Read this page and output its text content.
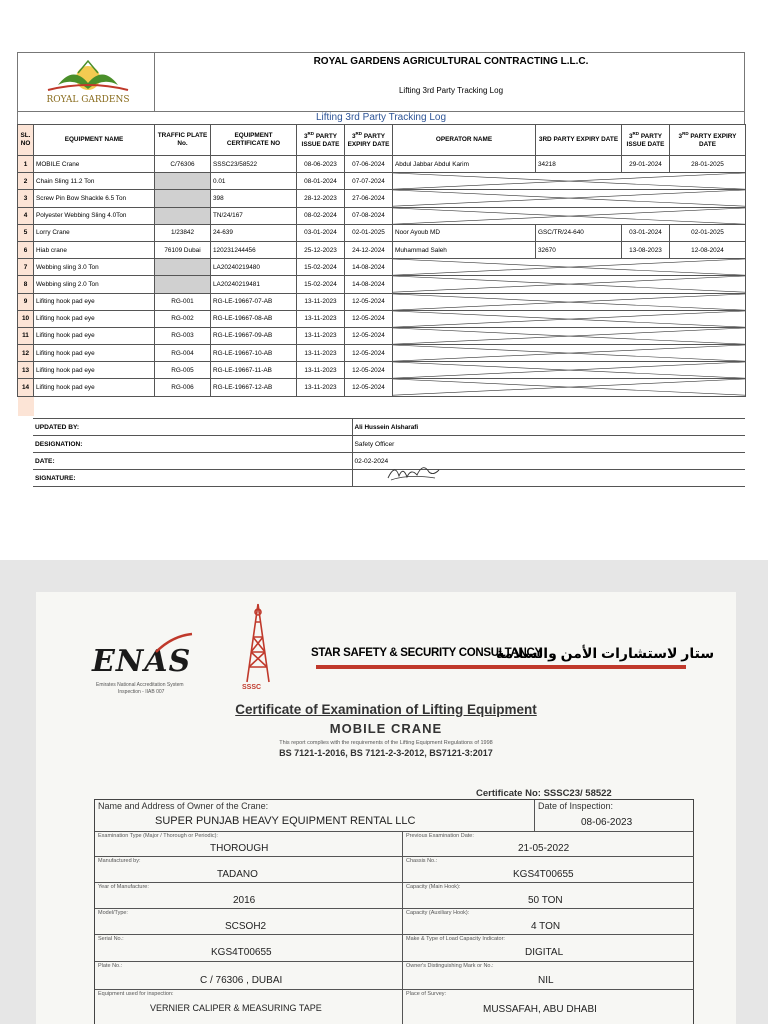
ROYAL GARDENS
ROYAL GARDENS AGRICULTURAL CONTRACTING L.L.C.
Lifting 3rd Party Tracking Log
Lifting 3rd Party Tracking Log
SL. NO	EQUIPMENT NAME	TRAFFIC PLATE No.	EQUIPMENT CERTIFICATE NO	3RD PARTY ISSUE DATE	3RD PARTY EXPIRY DATE	OPERATOR NAME	3RD PARTY EXPIRY DATE	3RD PARTY ISSUE DATE	3RD PARTY EXPIRY DATE
1	MOBILE Crane	C/76306	SSSC23/58522	08-06-2023	07-06-2024	Abdul Jabbar Abdul Karim	34218	29-01-2024	28-01-2025
2	Chain Sling 11.2 Ton		0.01	08-01-2024	07-07-2024	

3	Screw Pin Bow Shackle 6.5 Ton		398	28-12-2023	27-06-2024	

4	Polyester Webbing Sling 4.0Ton		TN/24/167	08-02-2024	07-08-2024	

5	Lorry Crane	1/23842	24-639	03-01-2024	02-01-2025	Noor Ayoub MD	GSC/TR/24-640	03-01-2024	02-01-2025
6	Hiab crane	76109 Dubai	120231244456	25-12-2023	24-12-2024	Muhammad Saleh	32670	13-08-2023	12-08-2024
7	Webbing sling 3.0 Ton		LA20240219480	15-02-2024	14-08-2024	

8	Webbing sling 2.0 Ton		LA20240219481	15-02-2024	14-08-2024	

9	Lifiting hook pad eye	RG-001	RG-LE-19667-07-AB	13-11-2023	12-05-2024	

10	Lifiting hook pad eye	RG-002	RG-LE-19667-08-AB	13-11-2023	12-05-2024	

11	Lifiting hook pad eye	RG-003	RG-LE-19667-09-AB	13-11-2023	12-05-2024	

12	Lifiting hook pad eye	RG-004	RG-LE-19667-10-AB	13-11-2023	12-05-2024	

13	Lifiting hook pad eye	RG-005	RG-LE-19667-11-AB	13-11-2023	12-05-2024	

14	Lifiting hook pad eye	RG-006	RG-LE-19667-12-AB	13-11-2023	12-05-2024	

UPDATED BY:	Ali Hussein Alsharafi
DESIGNATION:	Safety Officer
DATE:	02-02-2024
SIGNATURE:	
ENAS
Emirates National Accreditation System
Inspection - IIAB 007
SSSC
STAR SAFETY & SECURITY CONSULTANCY
ستار لاستشارات الأمن والسلامة
Certificate of Examination of Lifting Equipment
MOBILE CRANE
This report complies with the requirements of the Lifting Equipment Regulations of 1998
BS 7121-1-2016, BS 7121-2-3-2012, BS7121-3:2017
Certificate No: SSSC23/ 58522
Name and Address of Owner of the Crane:
SUPER PUNJAB HEAVY EQUIPMENT RENTAL LLC
Date of Inspection:
08-06-2023
Examination Type (Major / Thorough or Periodic):
THOROUGH
Manufactured by:
TADANO
Year of Manufacture:
2016
Model/Type:
SCSOH2
Serial No.:
KGS4T00655
Plate No.:
C / 76306 , DUBAI
Equipment used for inspection:
VERNIER CALIPER & MEASURING TAPE
Previous Examination Date:
21-05-2022
Chassis No.:
KGS4T00655
Capacity (Main Hook):
50 TON
Capacity (Auxiliary Hook):
4 TON
Make & Type of Load Capacity Indicator:
DIGITAL
Owner's Distinguishing Mark or No.:
NIL
Place of Survey:
MUSSAFAH, ABU DHABI
